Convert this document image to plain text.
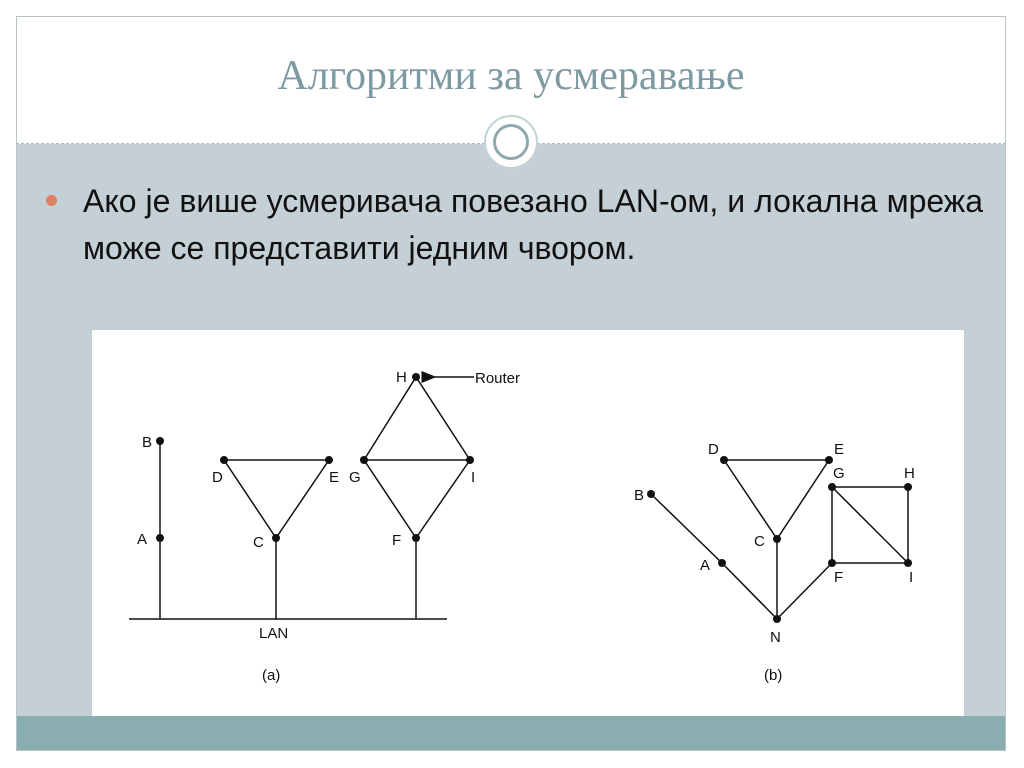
Алгоритми за усмеравање

Ако је више усмеривача повезано LAN-ом, и локална мрежа може се представити једним чвором.

B
A
D	E
C
H	Router
G	I
F
LAN
(a)
B
A
N
C
D	E
G	H
F	I
(b)
